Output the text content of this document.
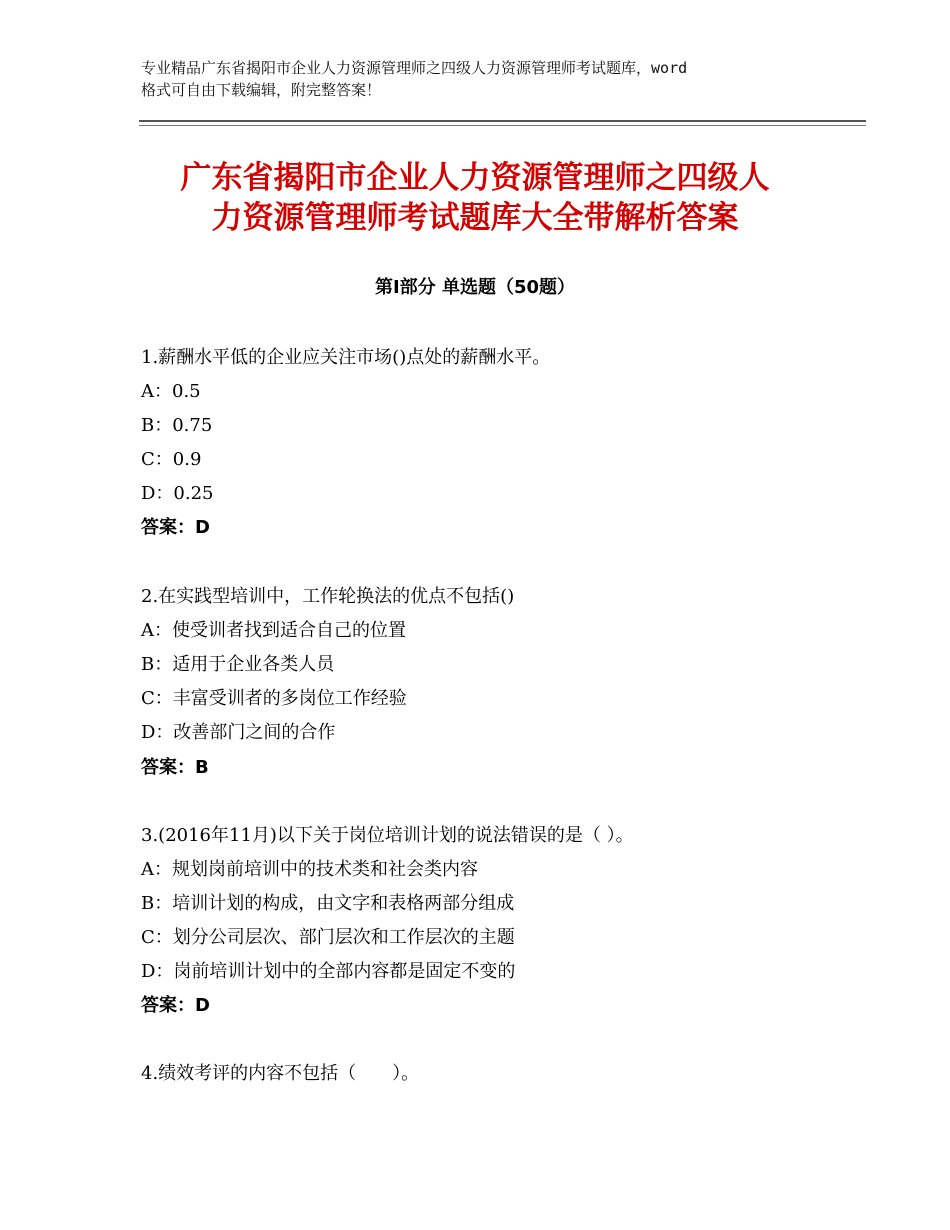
专业精品广东省揭阳市企业人力资源管理师之四级人力资源管理师考试题库，word
格式可自由下载编辑，附完整答案！
广东省揭阳市企业人力资源管理师之四级人
力资源管理师考试题库大全带解析答案
第Ⅰ部分 单选题（50题）
1.薪酬水平低的企业应关注市场()点处的薪酬水平。
A：0.5
B：0.75
C：0.9
D：0.25
答案：D
2.在实践型培训中，工作轮换法的优点不包括()
A：使受训者找到适合自己的位置
B：适用于企业各类人员
C：丰富受训者的多岗位工作经验
D：改善部门之间的合作
答案：B
3.(2016年11月)以下关于岗位培训计划的说法错误的是（ ）。
A：规划岗前培训中的技术类和社会类内容
B：培训计划的构成，由文字和表格两部分组成
C：划分公司层次、部门层次和工作层次的主题
D：岗前培训计划中的全部内容都是固定不变的
答案：D
4.绩效考评的内容不包括（　　）。
